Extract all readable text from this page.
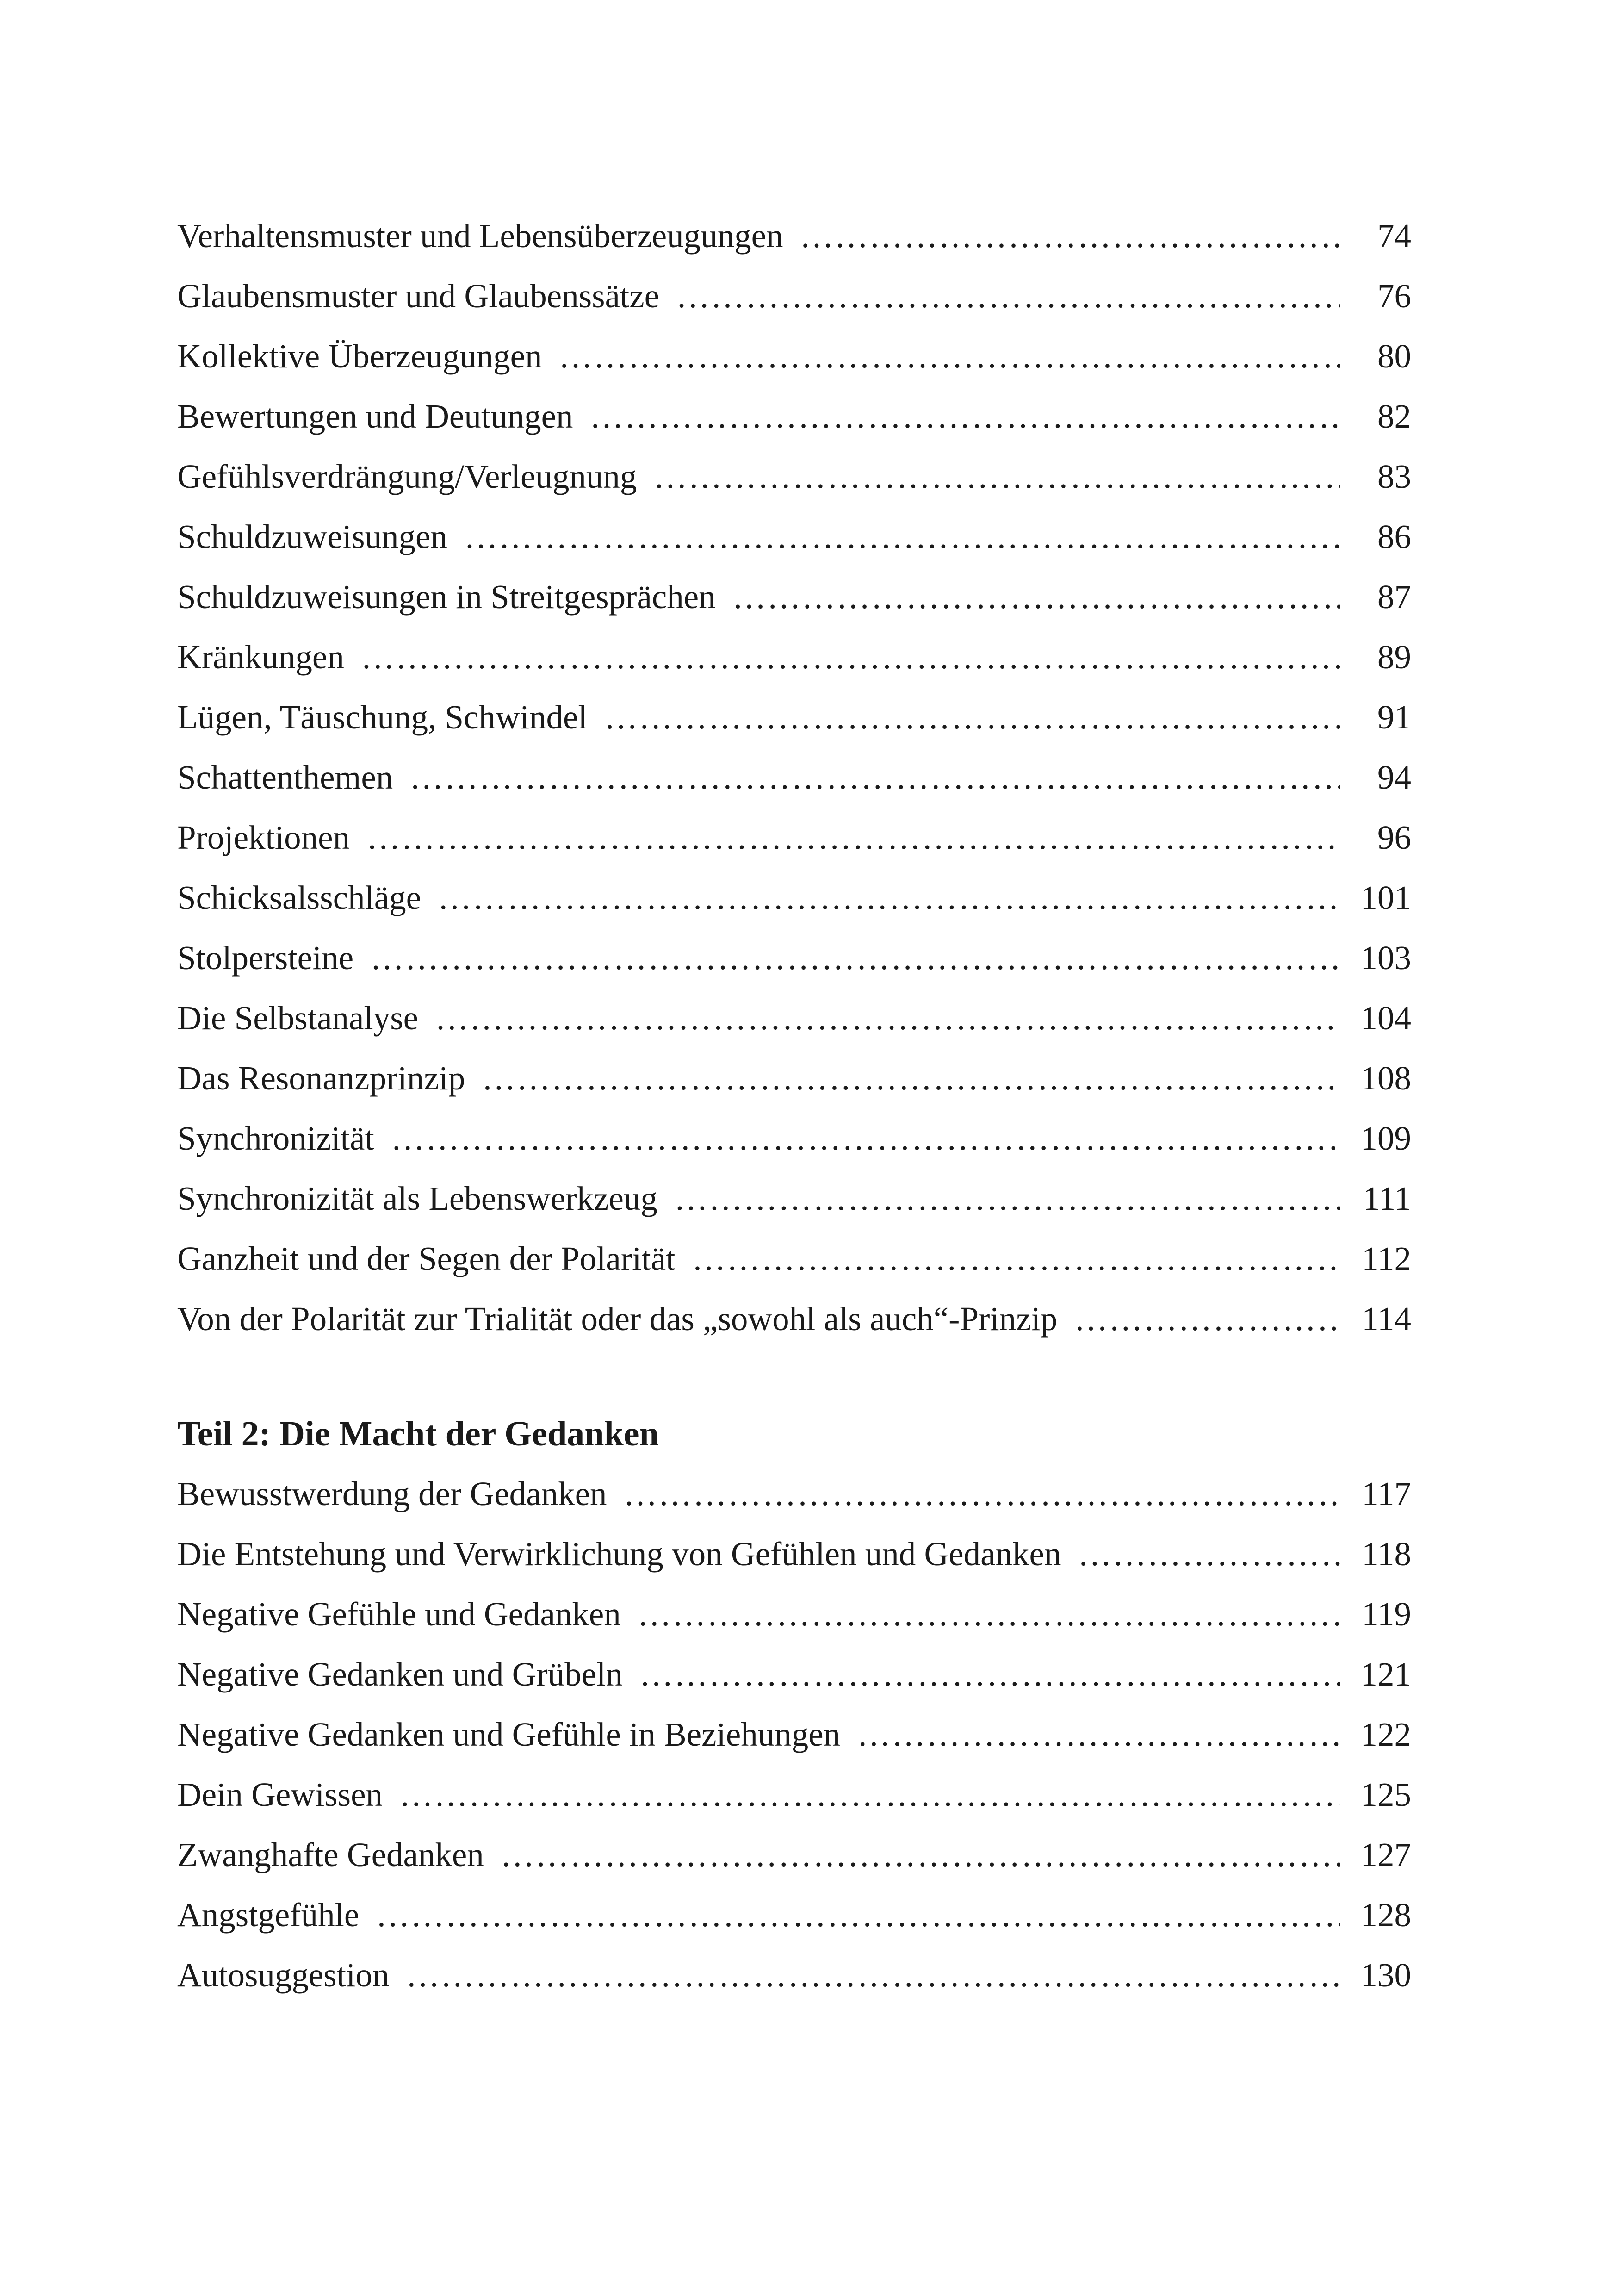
Verhaltensmuster und Lebensüberzeugungen ………………………………………………………………………………………………………………………………………………………………………………………………	74
Glaubensmuster und Glaubenssätze ………………………………………………………………………………………………………………………………………………………………………………………………	76
Kollektive Überzeugungen ………………………………………………………………………………………………………………………………………………………………………………………………	80
Bewertungen und Deutungen ………………………………………………………………………………………………………………………………………………………………………………………………	82
Gefühlsverdrängung/Verleugnung ………………………………………………………………………………………………………………………………………………………………………………………………	83
Schuldzuweisungen ………………………………………………………………………………………………………………………………………………………………………………………………	86
Schuldzuweisungen in Streitgesprächen ………………………………………………………………………………………………………………………………………………………………………………………………	87
Kränkungen ………………………………………………………………………………………………………………………………………………………………………………………………	89
Lügen, Täuschung, Schwindel ………………………………………………………………………………………………………………………………………………………………………………………………	91
Schattenthemen ………………………………………………………………………………………………………………………………………………………………………………………………	94
Projektionen ………………………………………………………………………………………………………………………………………………………………………………………………	96
Schicksalsschläge ………………………………………………………………………………………………………………………………………………………………………………………………	101
Stolpersteine ………………………………………………………………………………………………………………………………………………………………………………………………	103
Die Selbstanalyse ………………………………………………………………………………………………………………………………………………………………………………………………	104
Das Resonanzprinzip ………………………………………………………………………………………………………………………………………………………………………………………………	108
Synchronizität ………………………………………………………………………………………………………………………………………………………………………………………………	109
Synchronizität als Lebenswerkzeug ………………………………………………………………………………………………………………………………………………………………………………………………	111
Ganzheit und der Segen der Polarität ………………………………………………………………………………………………………………………………………………………………………………………………	112
Von der Polarität zur Trialität oder das „sowohl als auch“-Prinzip ………………………………………………………………………………………………………………………………………………………………………………………………	114
Teil 2: Die Macht der Gedanken
Bewusstwerdung der Gedanken ………………………………………………………………………………………………………………………………………………………………………………………………	117
Die Entstehung und Verwirklichung von Gefühlen und Gedanken ………………………………………………………………………………………………………………………………………………………………………………………………	118
Negative Gefühle und Gedanken ………………………………………………………………………………………………………………………………………………………………………………………………	119
Negative Gedanken und Grübeln ………………………………………………………………………………………………………………………………………………………………………………………………	121
Negative Gedanken und Gefühle in Beziehungen ………………………………………………………………………………………………………………………………………………………………………………………………	122
Dein Gewissen ………………………………………………………………………………………………………………………………………………………………………………………………	125
Zwanghafte Gedanken ………………………………………………………………………………………………………………………………………………………………………………………………	127
Angstgefühle ………………………………………………………………………………………………………………………………………………………………………………………………	128
Autosuggestion ………………………………………………………………………………………………………………………………………………………………………………………………	130
